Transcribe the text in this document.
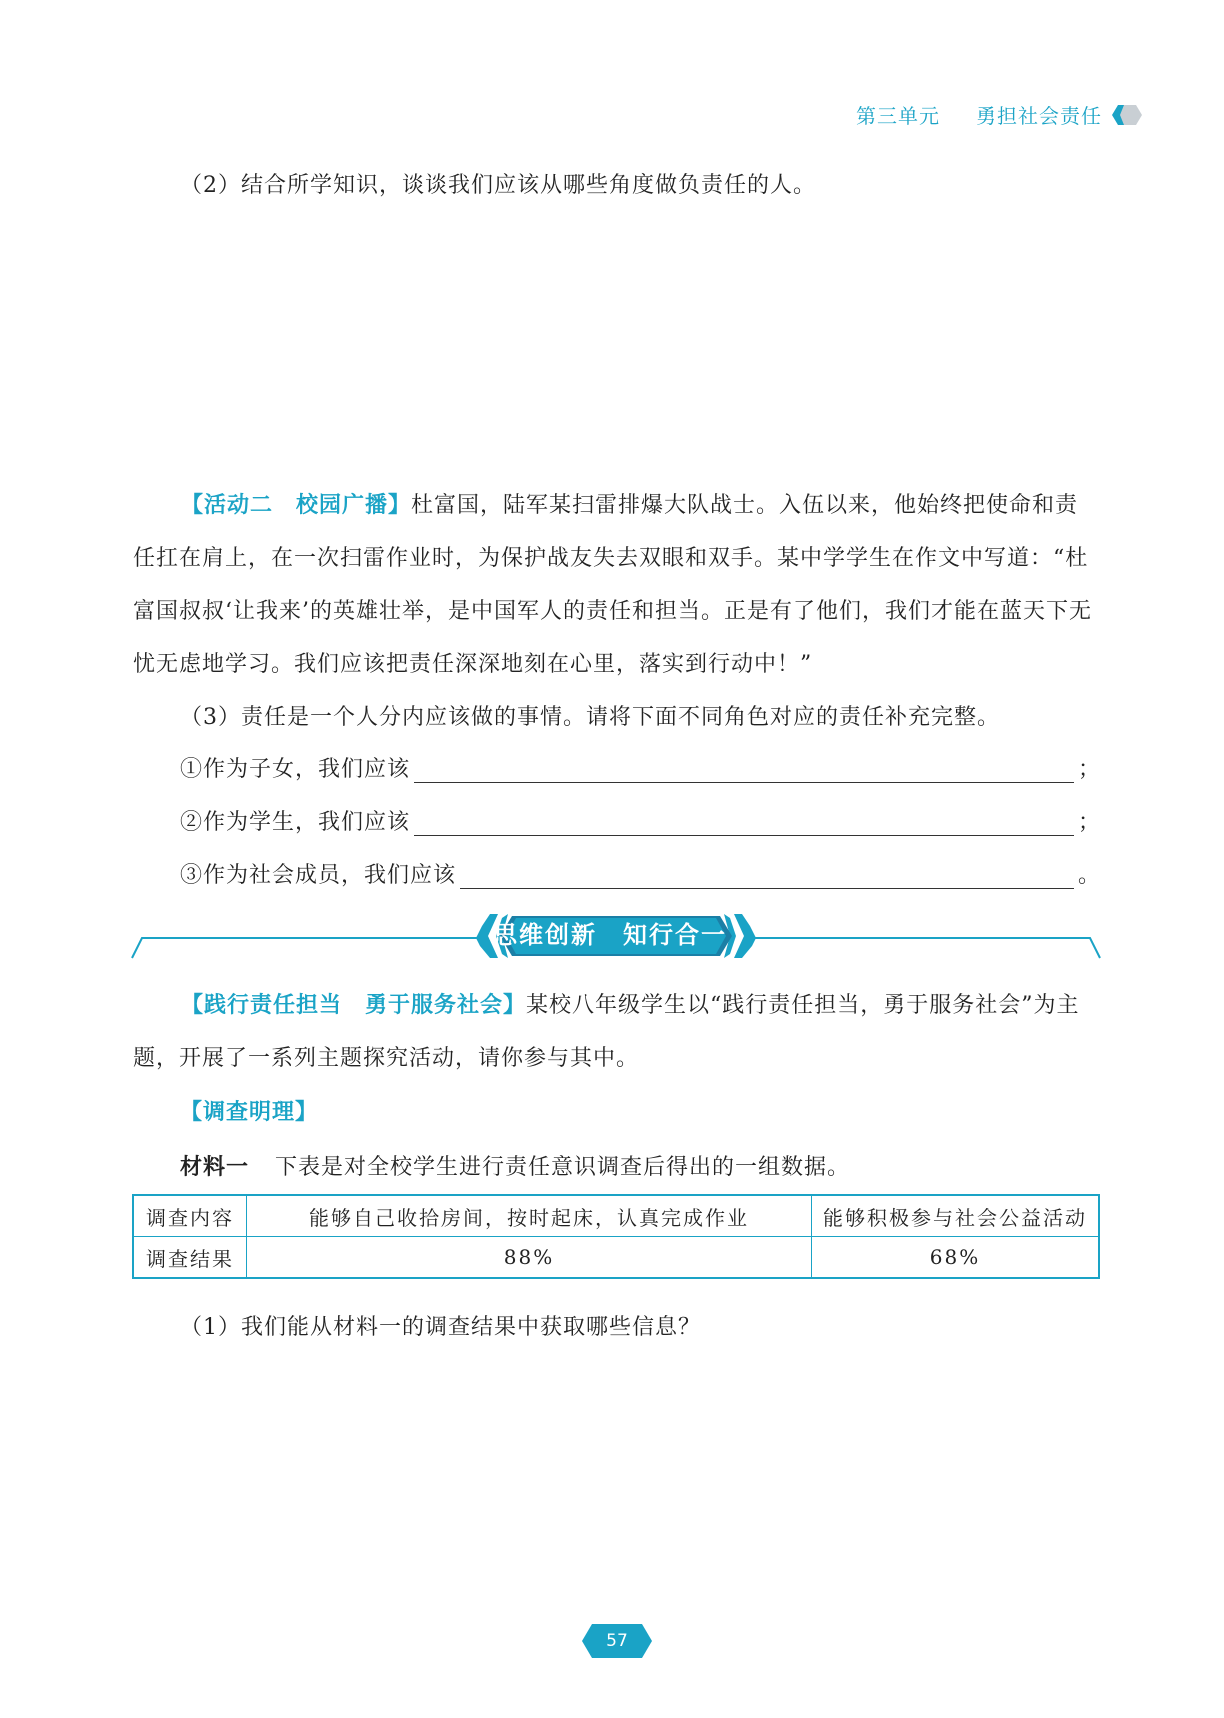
第三单元 勇担社会责任
（2）结合所学知识，谈谈我们应该从哪些角度做负责任的人。
【活动二　校园广播】杜富国，陆军某扫雷排爆大队战士。入伍以来，他始终把使命和责任扛在肩上，在一次扫雷作业时，为保护战友失去双眼和双手。某中学学生在作文中写道：“杜富国叔叔‘让我来’的英雄壮举，是中国军人的责任和担当。正是有了他们，我们才能在蓝天下无忧无虑地学习。我们应该把责任深深地刻在心里，落实到行动中！”
（3）责任是一个人分内应该做的事情。请将下面不同角色对应的责任补充完整。
①作为子女，我们应该	；
②作为学生，我们应该	；
③作为社会成员，我们应该	。
思维创新　知行合一
【践行责任担当　勇于服务社会】某校八年级学生以“践行责任担当，勇于服务社会”为主题，开展了一系列主题探究活动，请你参与其中。
【调查明理】
材料一 下表是对全校学生进行责任意识调查后得出的一组数据。
调查内容	能够自己收拾房间，按时起床，认真完成作业	能够积极参与社会公益活动
调查结果	88%	68%
（1）我们能从材料一的调查结果中获取哪些信息？
57
